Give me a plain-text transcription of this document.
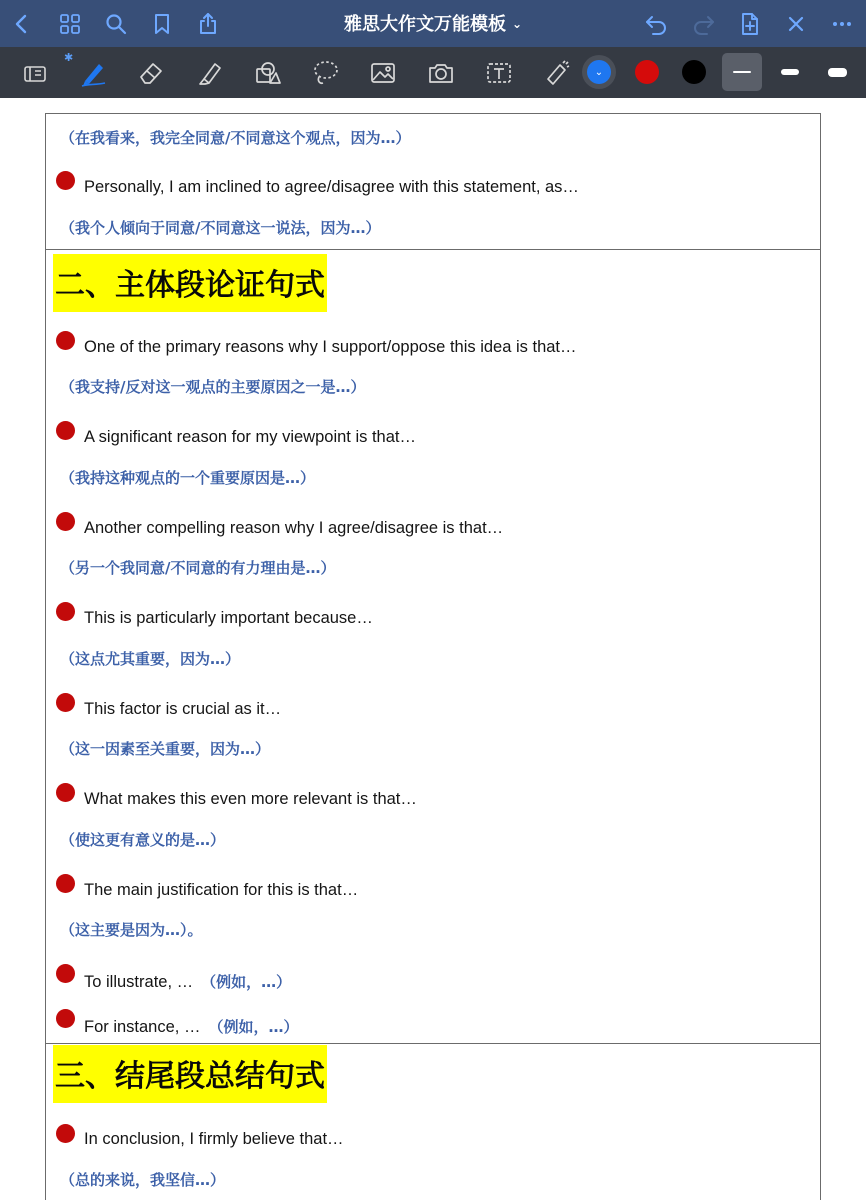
雅思大作文万能模板 ⌄
✱
⌄
（在我看来，我完全同意/不同意这个观点，因为…）
Personally, I am inclined to agree/disagree with this statement, as…
（我个人倾向于同意/不同意这一说法，因为…）
二、主体段论证句式
One of the primary reasons why I support/oppose this idea is that…
（我支持/反对这一观点的主要原因之一是…）
A significant reason for my viewpoint is that…
（我持这种观点的一个重要原因是…）
Another compelling reason why I agree/disagree is that…
（另一个我同意/不同意的有力理由是…）
This is particularly important because…
（这点尤其重要，因为…）
This factor is crucial as it…
（这一因素至关重要，因为…）
What makes this even more relevant is that…
（使这更有意义的是…）
The main justification for this is that…
（这主要是因为…）。
To illustrate, … （例如，…）
For instance, … （例如，…）
三、结尾段总结句式
In conclusion, I firmly believe that…
（总的来说，我坚信…）
